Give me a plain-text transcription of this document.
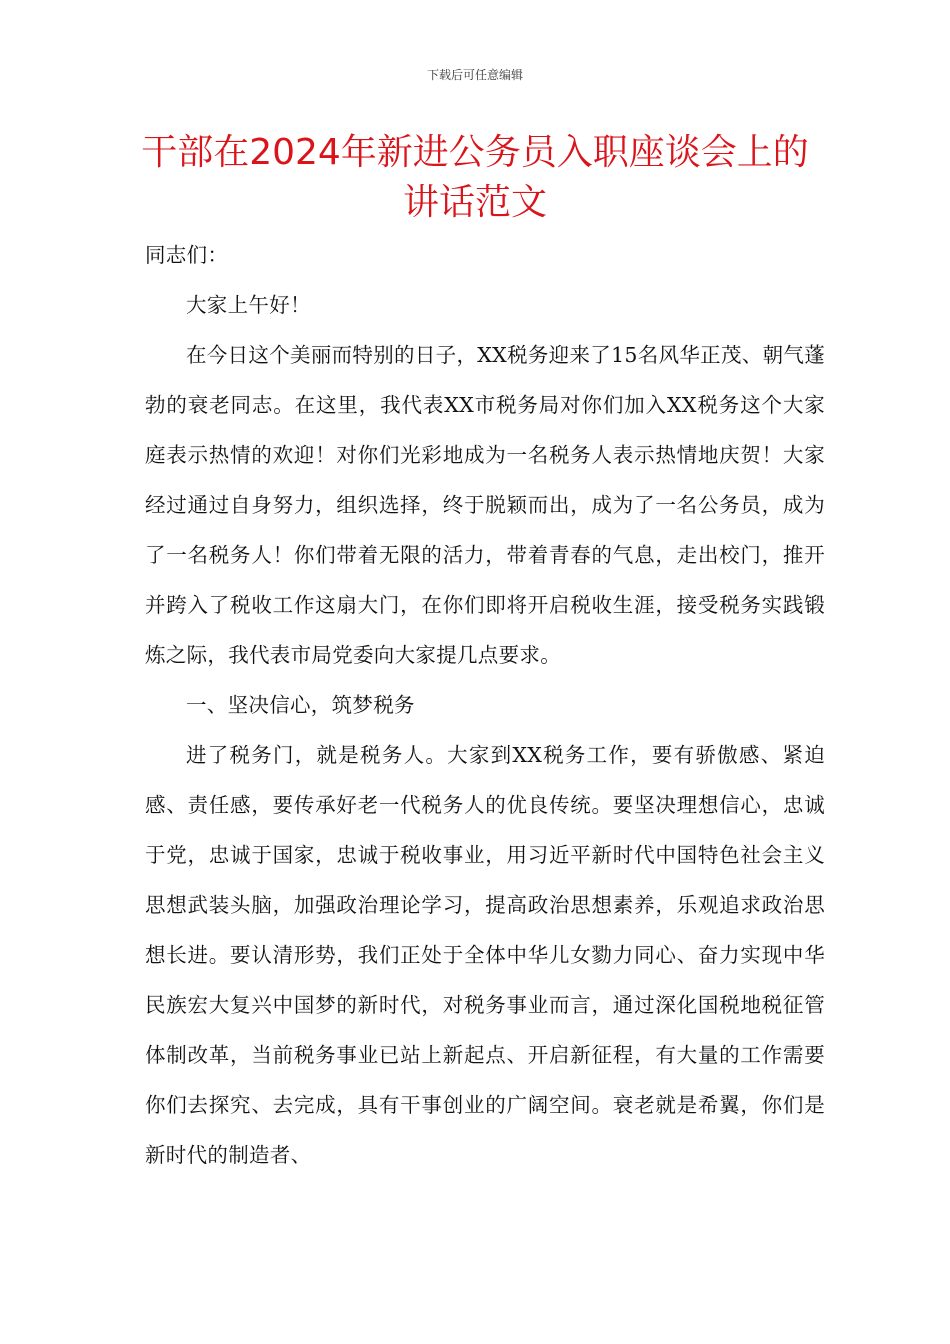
下载后可任意编辑
干部在2024年新进公务员入职座谈会上的
讲话范文

同志们：

大家上午好！

在今日这个美丽而特别的日子，XX税务迎来了15名风华正茂、朝气蓬勃的衰老同志。在这里，我代表XX市税务局对你们加入XX税务这个大家庭表示热情的欢迎！对你们光彩地成为一名税务人表示热情地庆贺！大家经过通过自身努力，组织选择，终于脱颖而出，成为了一名公务员，成为了一名税务人！你们带着无限的活力，带着青春的气息，走出校门，推开并跨入了税收工作这扇大门，在你们即将开启税收生涯，接受税务实践锻炼之际，我代表市局党委向大家提几点要求。

一、坚决信心，筑梦税务

进了税务门，就是税务人。大家到XX税务工作，要有骄傲感、紧迫感、责任感，要传承好老一代税务人的优良传统。要坚决理想信心，忠诚于党，忠诚于国家，忠诚于税收事业，用习近平新时代中国特色社会主义思想武装头脑，加强政治理论学习，提高政治思想素养，乐观追求政治思想长进。要认清形势，我们正处于全体中华儿女勠力同心、奋力实现中华民族宏大复兴中国梦的新时代，对税务事业而言，通过深化国税地税征管体制改革，当前税务事业已站上新起点、开启新征程，有大量的工作需要你们去探究、去完成，具有干事创业的广阔空间。衰老就是希翼，你们是新时代的制造者、
